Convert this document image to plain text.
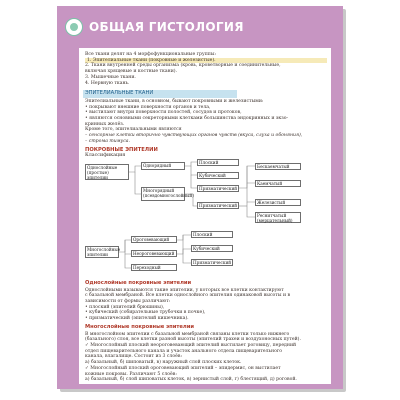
ОБЩАЯ ГИСТОЛОГИЯ
Все ткани делят на 4 морфофункциональные группы:
1. Эпителиальные ткани (покровные и железистые).
2. Ткани внутренней среды организма (кровь, кроветворные и соединительные,
включая хрящевые и костные ткани).
3. Мышечные ткани.
4. Нервную ткань.
ЭПИТЕЛИАЛЬНЫЕ ТКАНИ
Эпителиальные ткани, в основном, бывают покровными и железистыми:
• покрывают внешние поверхности органов и тела,
• выстилают внутри поверхности полостей, сосудов и протоков,
• являются основными секреторными клетками большинства эндокринных и экзо-
кринных желёз.
Кроме того, эпителиальными являются
– сенсорные клетки вторично чувствующих органов чувств (вкуса, слуха и обоняния),
– строма тимуса.
ПОКРОВНЫЕ ЭПИТЕЛИИ
Классификация
Однослойные (простые) эпителии
Однорядный
Многорядный (псевдомногослойный)
Плоский
Кубический
Призматический
Призматический
Бескаемчатый
Каемчатый
Железистый
Реснитчатый (мерцательный)
Многослойные эпителии
Ороговевающий
Неороговевающий
Переходный
Плоский
Кубический
Призматический
Однослойные покровные эпителии
Однослойными называются такие эпителии, у которых все клетки контактируют
с базальной мембраной. Все клетки однослойного эпителия одинаковой высоты и в
зависимости от формы различают:
• плоский (эпителий брюшины),
• кубический (собирательные трубочки в почке),
• призматический (эпителий кишечника).
Многослойные покровные эпителии
В многослойном эпителии с базальной мембраной связаны клетки только нижнего
(базального) слоя, все клетки разной высоты (эпителий трахеи и воздухоносных путей).
✓ Многослойный плоский неороговевающий эпителий выстилает роговицу, передний
отдел пищеварительного канала и участок анального отдела пищеварительного
канала, влагалище. Состоит из 3 слоёв:
а) базальный, б) шиповатый, в) наружный слой плоских клеток.
✓ Многослойный плоский ороговевающий эпителий – эпидермис, он выстилает
кожные покровы. Различают 5 слоёв:
а) базальный, б) слой шиповатых клеток, в) зернистый слой, г) блестящий, д) роговой.
